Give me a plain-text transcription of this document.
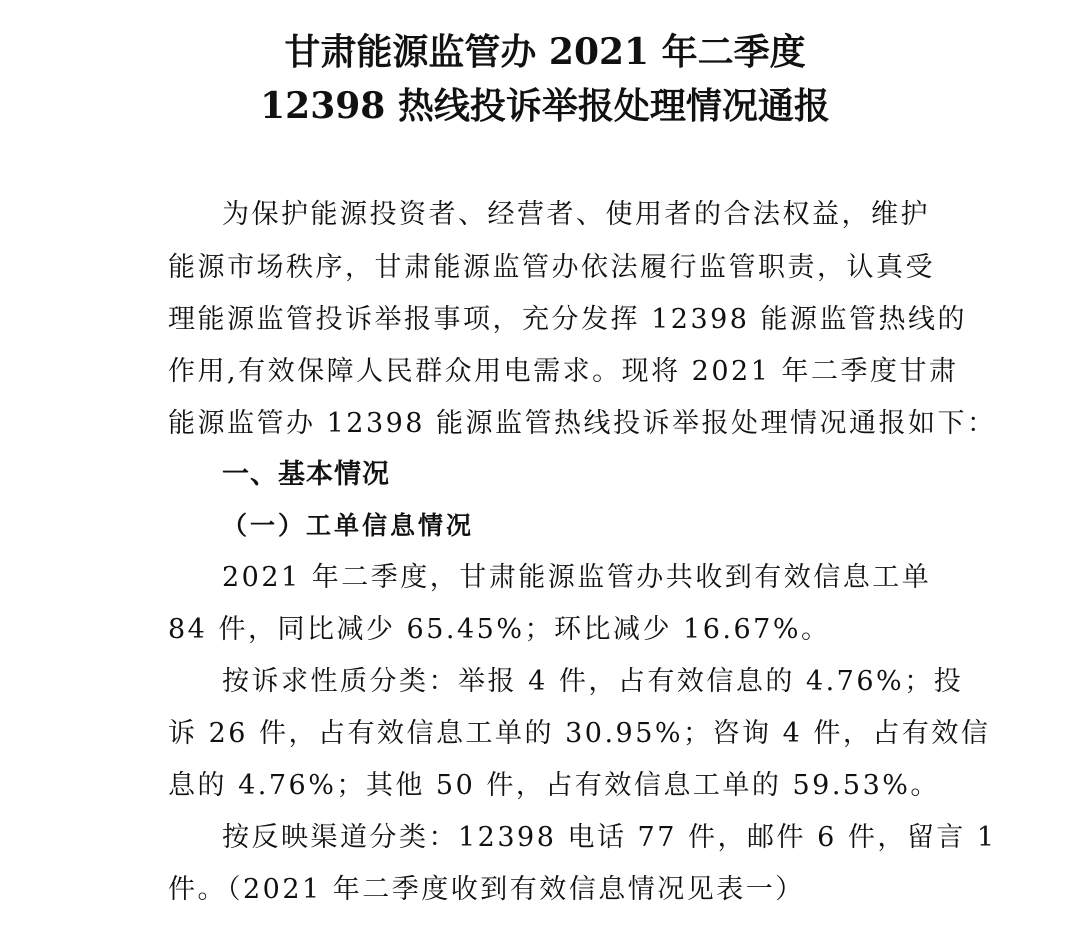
甘肃能源监管办 2021 年二季度
12398 热线投诉举报处理情况通报

为保护能源投资者、经营者、使用者的合法权益，维护

能源市场秩序，甘肃能源监管办依法履行监管职责，认真受

理能源监管投诉举报事项，充分发挥 12398 能源监管热线的

作用,有效保障人民群众用电需求。现将 2021 年二季度甘肃

能源监管办 12398 能源监管热线投诉举报处理情况通报如下：

一、基本情况
（一）工单信息情况

2021 年二季度，甘肃能源监管办共收到有效信息工单

84 件，同比减少 65.45%；环比减少 16.67%。

按诉求性质分类：举报 4 件，占有效信息的 4.76%；投

诉 26 件，占有效信息工单的 30.95%；咨询 4 件，占有效信

息的 4.76%；其他 50 件，占有效信息工单的 59.53%。

按反映渠道分类：12398 电话 77 件，邮件 6 件，留言 1

件。（2021 年二季度收到有效信息情况见表一）
